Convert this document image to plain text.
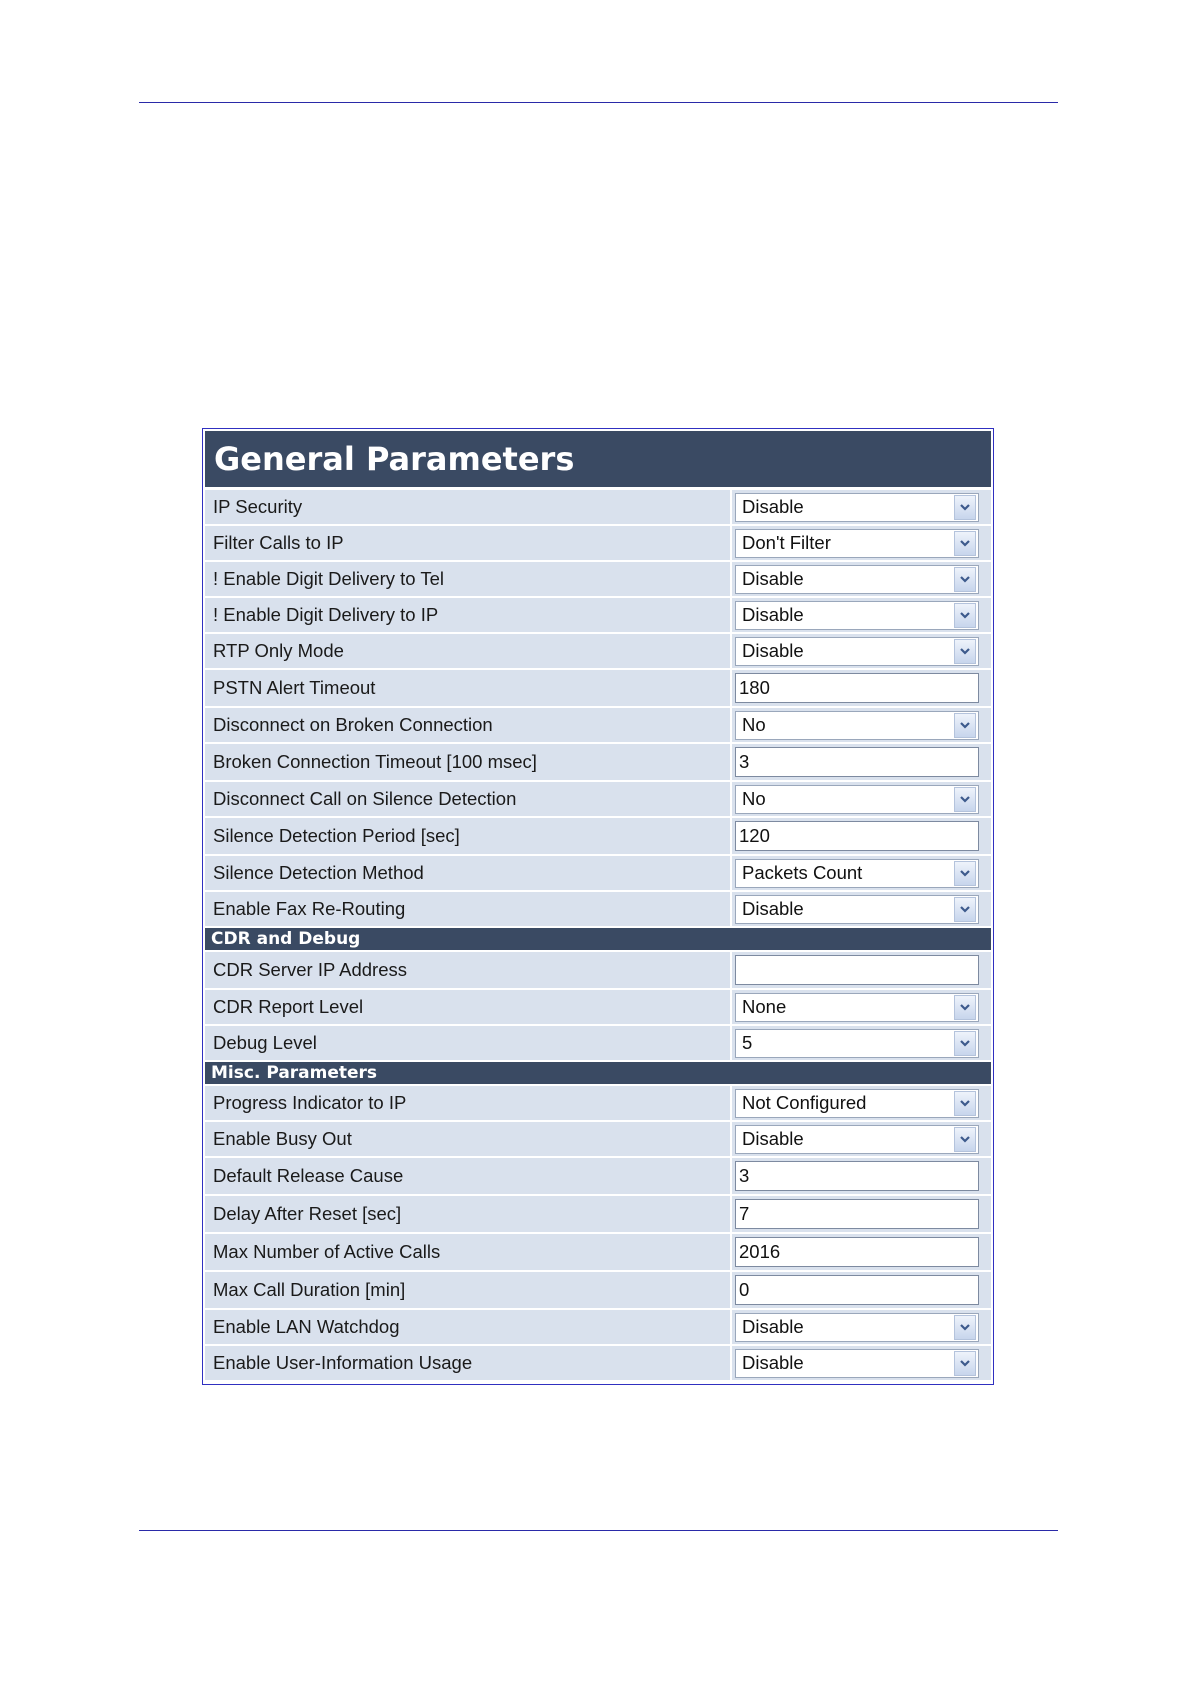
General Parameters
IP Security	Disable
Filter Calls to IP	Don't Filter
! Enable Digit Delivery to Tel	Disable
! Enable Digit Delivery to IP	Disable
RTP Only Mode	Disable
PSTN Alert Timeout	180
Disconnect on Broken Connection	No
Broken Connection Timeout [100 msec]	3
Disconnect Call on Silence Detection	No
Silence Detection Period [sec]	120
Silence Detection Method	Packets Count
Enable Fax Re-Routing	Disable
CDR and Debug
CDR Server IP Address
CDR Report Level	None
Debug Level	5
Misc. Parameters
Progress Indicator to IP	Not Configured
Enable Busy Out	Disable
Default Release Cause	3
Delay After Reset [sec]	7
Max Number of Active Calls	2016
Max Call Duration [min]	0
Enable LAN Watchdog	Disable
Enable User-Information Usage	Disable
